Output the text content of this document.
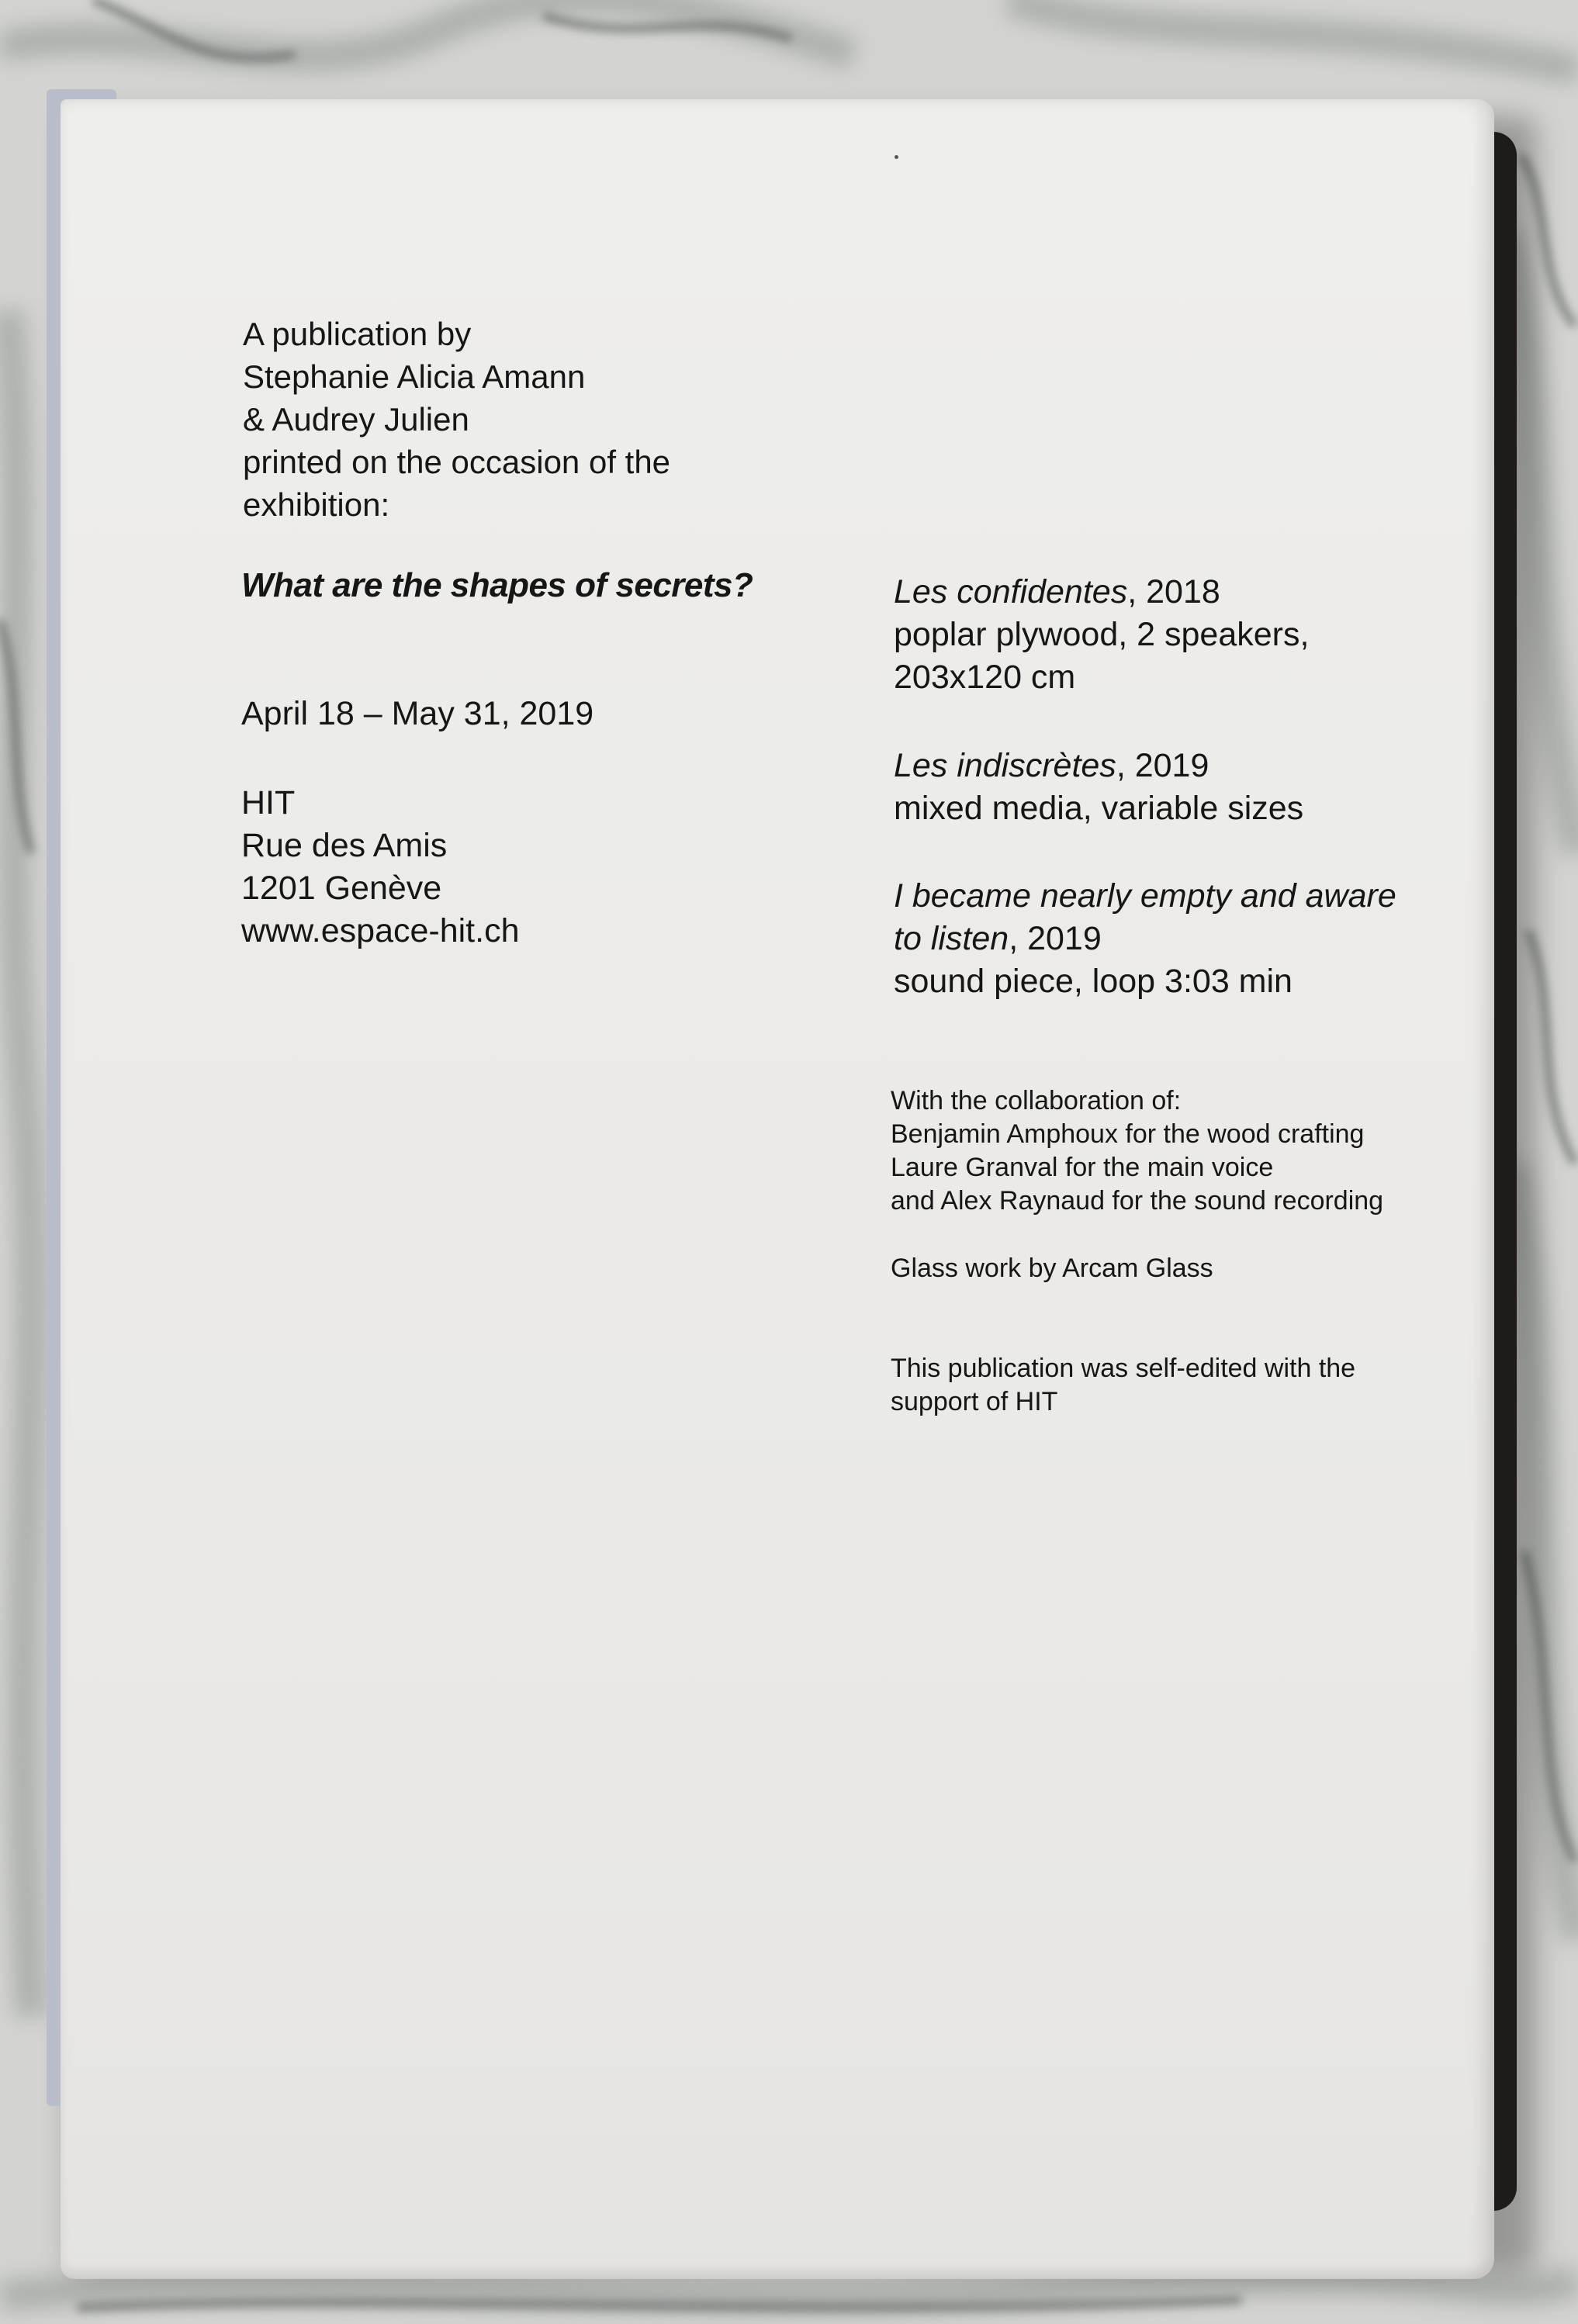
A publication by
Stephanie Alicia Amann
& Audrey Julien
printed on the occasion of the
exhibition:
What are the shapes of secrets?
April 18 – May 31, 2019
HIT
Rue des Amis
1201 Genève
www.espace-hit.ch
Les confidentes, 2018
poplar plywood, 2 speakers,
203x120 cm
Les indiscrètes, 2019
mixed media, variable sizes
I became nearly empty and aware
to listen, 2019
sound piece, loop 3:03 min
With the collaboration of:
Benjamin Amphoux for the wood crafting
Laure Granval for the main voice
and Alex Raynaud for the sound recording
Glass work by Arcam Glass
This publication was self-edited with the
support of HIT
